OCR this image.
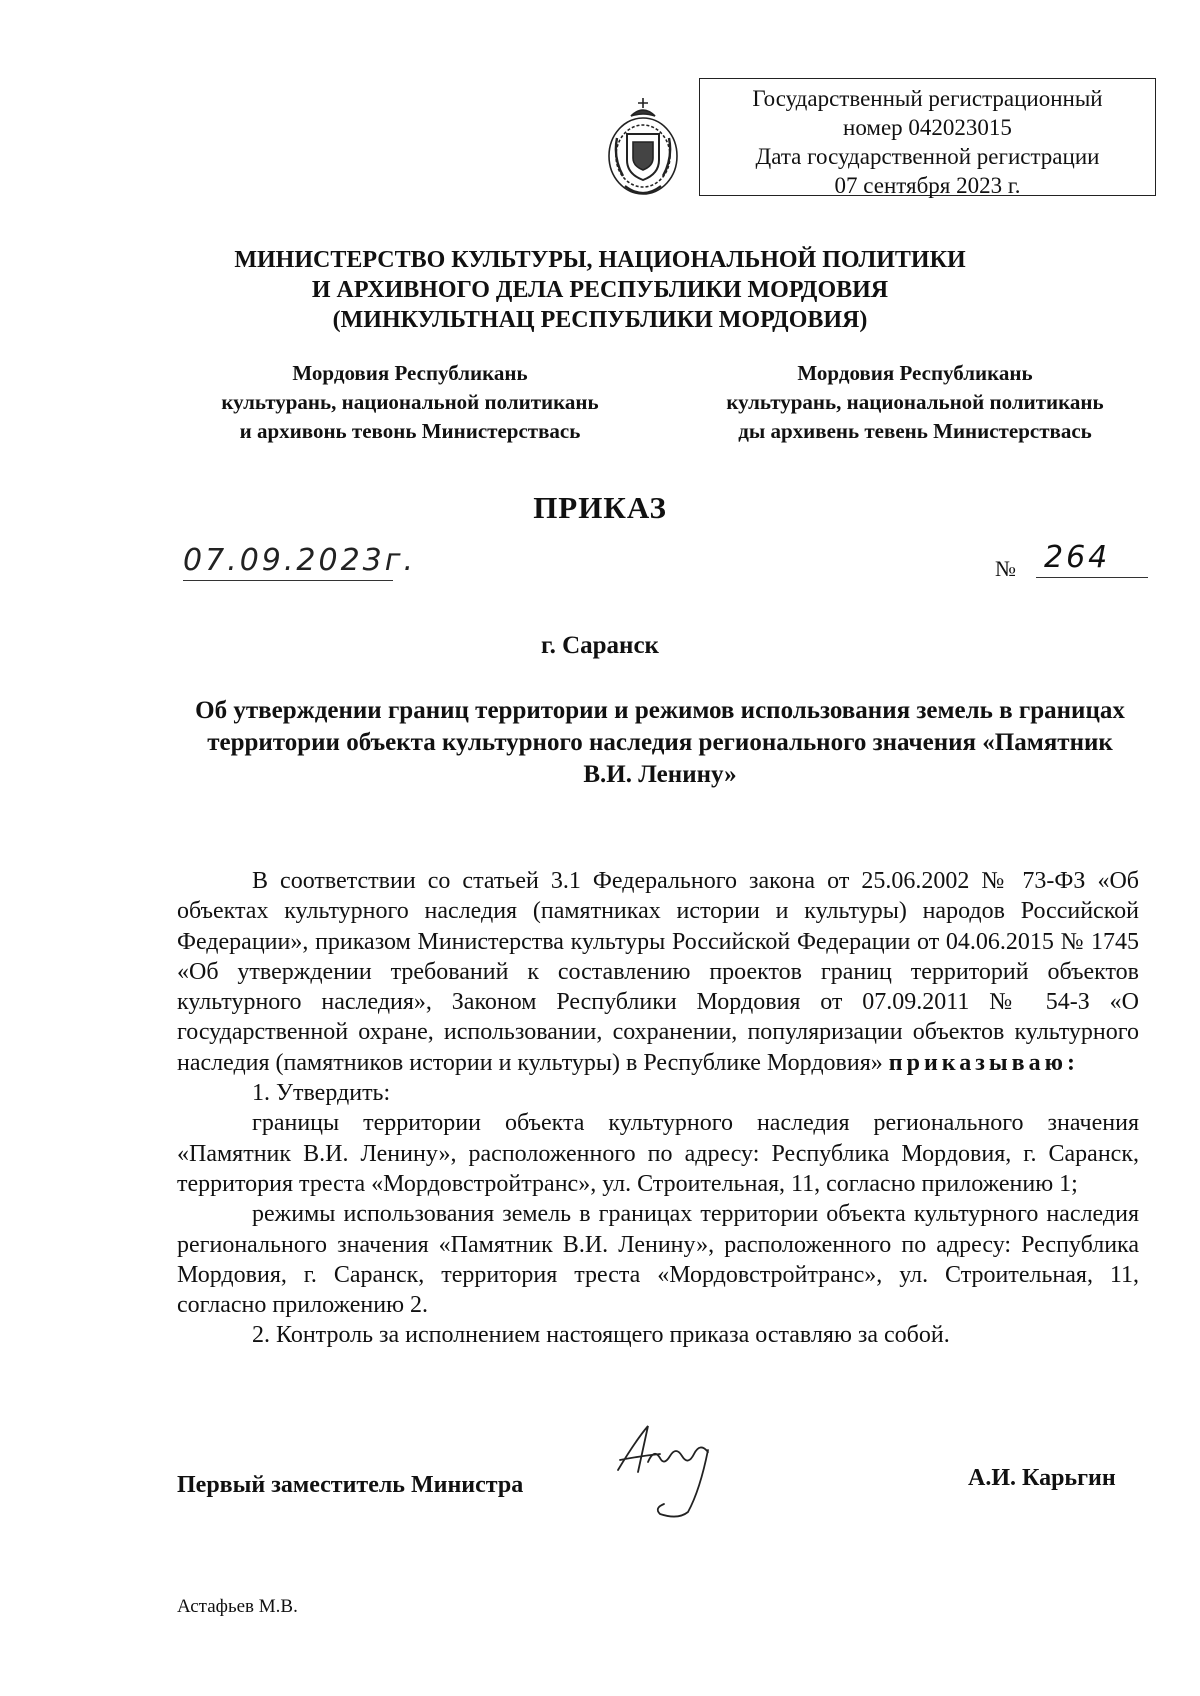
Государственный регистрационный
номер 042023015
Дата государственной регистрации
07 сентября 2023 г.
МИНИСТЕРСТВО КУЛЬТУРЫ, НАЦИОНАЛЬНОЙ ПОЛИТИКИ
И АРХИВНОГО ДЕЛА РЕСПУБЛИКИ МОРДОВИЯ
(МИНКУЛЬТНАЦ РЕСПУБЛИКИ МОРДОВИЯ)
Мордовия Республикань
культурань, национальной политикань
и архивонь тевонь Министерствась
Мордовия Республикань
культурань, национальной политикань
ды архивень тевень Министерствась
ПРИКАЗ
07.09.2023г.	№ 264
г. Саранск
Об утверждении границ территории и режимов использования земель в границах территории объекта культурного наследия регионального значения «Памятник В.И. Ленину»

В соответствии со статьей 3.1 Федерального закона от 25.06.2002 № 73-ФЗ «Об объектах культурного наследия (памятниках истории и культуры) народов Российской Федерации», приказом Министерства культуры Российской Федерации от 04.06.2015 № 1745 «Об утверждении требований к составлению проектов границ территорий объектов культурного наследия», Законом Республики Мордовия от 07.09.2011 № 54-З «О государственной охране, использовании, сохранении, популяризации объектов культурного наследия (памятников истории и культуры) в Республике Мордовия» приказываю:

1. Утвердить:

границы территории объекта культурного наследия регионального значения «Памятник В.И. Ленину», расположенного по адресу: Республика Мордовия, г. Саранск, территория треста «Мордовстройтранс», ул. Строительная, 11, согласно приложению 1;

режимы использования земель в границах территории объекта культурного наследия регионального значения «Памятник В.И. Ленину», расположенного по адресу: Республика Мордовия, г. Саранск, территория треста «Мордовстройтранс», ул. Строительная, 11, согласно приложению 2.

2. Контроль за исполнением настоящего приказа оставляю за собой.

Первый заместитель Министра	А.И. Карьгин
Астафьев М.В.
